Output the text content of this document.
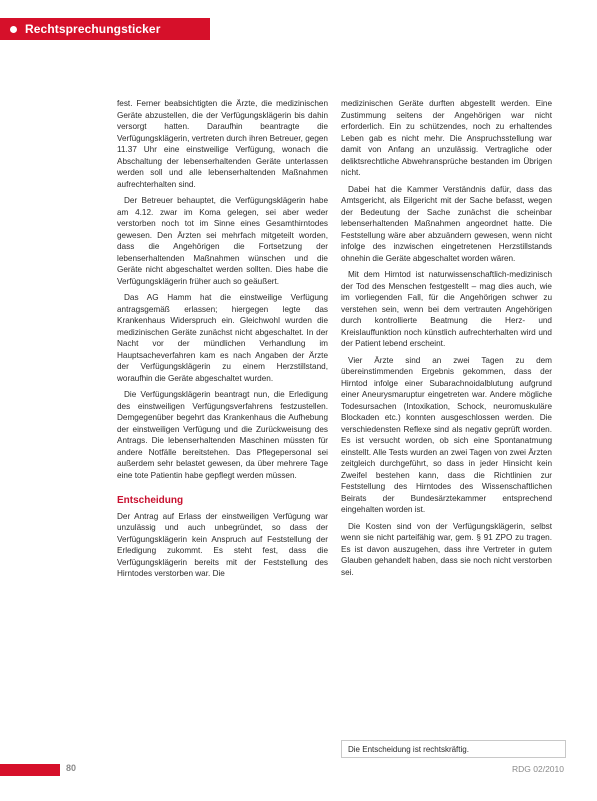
Rechtsprechungsticker

fest. Ferner beabsichtigten die Ärzte, die medizinischen Geräte abzustellen, die der Verfügungsklägerin bis dahin versorgt hatten. Daraufhin beantragte die Verfügungsklägerin, vertreten durch ihren Betreuer, gegen 11.37 Uhr eine einstweilige Verfügung, wonach die Abschaltung der lebenserhaltenden Geräte unterlassen werden soll und alle lebenserhaltenden Maßnahmen aufrechterhalten sind.

Der Betreuer behauptet, die Verfügungsklägerin habe am 4.12. zwar im Koma gelegen, sei aber weder verstorben noch tot im Sinne eines Gesamthirntodes gewesen. Den Ärzten sei mehrfach mitgeteilt worden, dass die Angehörigen die Fortsetzung der lebenserhaltenden Maßnahmen wünschen und die Geräte nicht abgeschaltet werden sollten. Dies habe die Verfügungsklägerin früher auch so geäußert.

Das AG Hamm hat die einstweilige Verfügung antragsgemäß erlassen; hiergegen legte das Krankenhaus Widerspruch ein. Gleichwohl wurden die medizinischen Geräte zunächst nicht abgeschaltet. In der Nacht vor der mündlichen Verhandlung im Hauptsacheverfahren kam es nach Angaben der Ärzte der Verfügungsklägerin zu einem Herzstillstand, woraufhin die Geräte abgeschaltet wurden.

Die Verfügungsklägerin beantragt nun, die Erledigung des einstweiligen Verfügungsverfahrens festzustellen. Demgegenüber begehrt das Krankenhaus die Aufhebung der einstweiligen Verfügung und die Zurückweisung des Antrags. Die lebenserhaltenden Maschinen müssten für andere Notfälle bereitstehen. Das Pflegepersonal sei außerdem sehr belastet gewesen, da über mehrere Tage eine tote Patientin habe gepflegt werden müssen.

Entscheidung

Der Antrag auf Erlass der einstweiligen Verfügung war unzulässig und auch unbegründet, so dass der Verfügungsklägerin kein Anspruch auf Feststellung der Erledigung zukommt. Es steht fest, dass die Verfügungsklägerin bereits mit der Feststellung des Hirntodes verstorben war. Die

medizinischen Geräte durften abgestellt werden. Eine Zustimmung seitens der Angehörigen war nicht erforderlich. Ein zu schützendes, noch zu erhaltendes Leben gab es nicht mehr. Die Anspruchsstellung war damit von Anfang an unzulässig. Vertragliche oder deliktsrechtliche Abwehransprüche bestanden im Übrigen nicht.

Dabei hat die Kammer Verständnis dafür, dass das Amtsgericht, als Eilgericht mit der Sache befasst, wegen der Bedeutung der Sache zunächst die scheinbar lebenserhaltenden Maßnahmen angeordnet hatte. Die Feststellung wäre aber abzuändern gewesen, wenn nicht infolge des inzwischen eingetretenen Herzstillstands ohnehin die Geräte abgeschaltet worden wären.

Mit dem Hirntod ist naturwissenschaftlich-medizinisch der Tod des Menschen festgestellt – mag dies auch, wie im vorliegenden Fall, für die Angehörigen schwer zu verstehen sein, wenn bei dem vertrauten Angehörigen durch kontrollierte Beatmung die Herz- und Kreislauffunktion noch künstlich aufrechterhalten wird und der Patient lebend erscheint.

Vier Ärzte sind an zwei Tagen zu dem übereinstimmenden Ergebnis gekommen, dass der Hirntod infolge einer Subarachnoidalblutung aufgrund einer Aneurysmaruptur eingetreten war. Andere mögliche Todesursachen (Intoxikation, Schock, neuromuskuläre Blockaden etc.) konnten ausgeschlossen werden. Die verschiedensten Reflexe sind als negativ geprüft worden. Es ist versucht worden, ob sich eine Spontanatmung einstellt. Alle Tests wurden an zwei Tagen von zwei Ärzten zeitgleich durchgeführt, so dass in jeder Hinsicht kein Zweifel bestehen kann, dass die Richtlinien zur Feststellung des Hirntodes des Wissenschaftlichen Beirats der Bundesärztekammer entsprechend eingehalten worden ist.

Die Kosten sind von der Verfügungsklägerin, selbst wenn sie nicht parteifähig war, gem. § 91 ZPO zu tragen. Es ist davon auszugehen, dass ihre Vertreter in gutem Glauben gehandelt haben, dass sie noch nicht verstorben sei.

Die Entscheidung ist rechtskräftig.
80	RDG 02/2010
